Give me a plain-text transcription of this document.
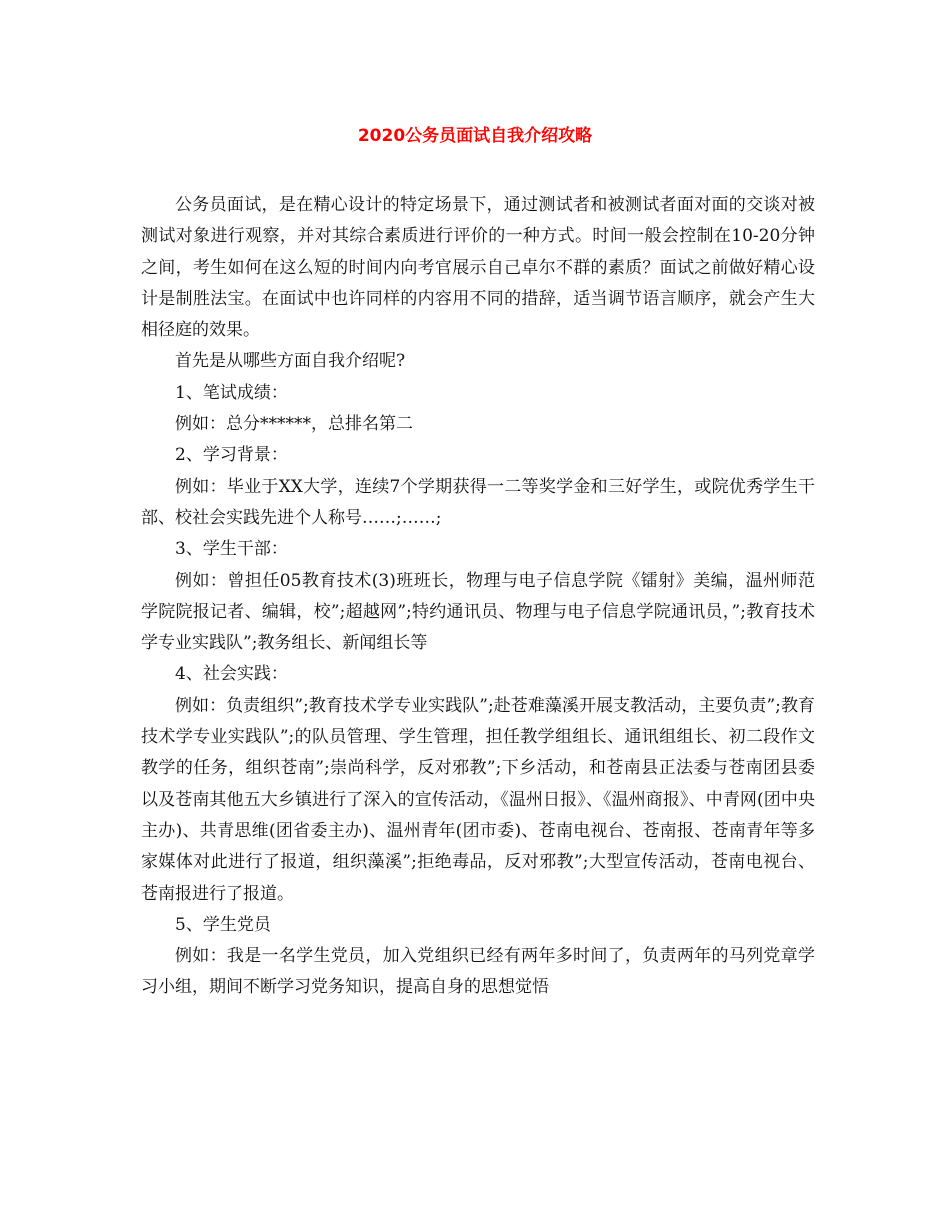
2020公务员面试自我介绍攻略

公务员面试，是在精心设计的特定场景下，通过测试者和被测试者面对面的交谈对被测试对象进行观察，并对其综合素质进行评价的一种方式。时间一般会控制在10-20分钟之间，考生如何在这么短的时间内向考官展示自己卓尔不群的素质？面试之前做好精心设计是制胜法宝。在面试中也许同样的内容用不同的措辞，适当调节语言顺序，就会产生大相径庭的效果。

首先是从哪些方面自我介绍呢?

1、笔试成绩：

例如：总分******，总排名第二

2、学习背景：

例如：毕业于XX大学，连续7个学期获得一二等奖学金和三好学生，或院优秀学生干部、校社会实践先进个人称号……;……;

3、学生干部：

例如：曾担任05教育技术(3)班班长，物理与电子信息学院《镭射》美编，温州师范学院院报记者、编辑，校”;超越网”;特约通讯员、物理与电子信息学院通讯员，”;教育技术学专业实践队”;教务组长、新闻组长等

4、社会实践：

例如：负责组织”;教育技术学专业实践队”;赴苍难藻溪开展支教活动，主要负责”;教育技术学专业实践队”;的队员管理、学生管理，担任教学组组长、通讯组组长、初二段作文教学的任务，组织苍南”;崇尚科学，反对邪教”;下乡活动，和苍南县正法委与苍南团县委以及苍南其他五大乡镇进行了深入的宣传活动，《温州日报》、《温州商报》、中青网(团中央主办)、共青思维(团省委主办)、温州青年(团市委)、苍南电视台、苍南报、苍南青年等多家媒体对此进行了报道，组织藻溪”;拒绝毒品，反对邪教”;大型宣传活动，苍南电视台、苍南报进行了报道。

5、学生党员

例如：我是一名学生党员，加入党组织已经有两年多时间了，负责两年的马列党章学习小组，期间不断学习党务知识，提高自身的思想觉悟
